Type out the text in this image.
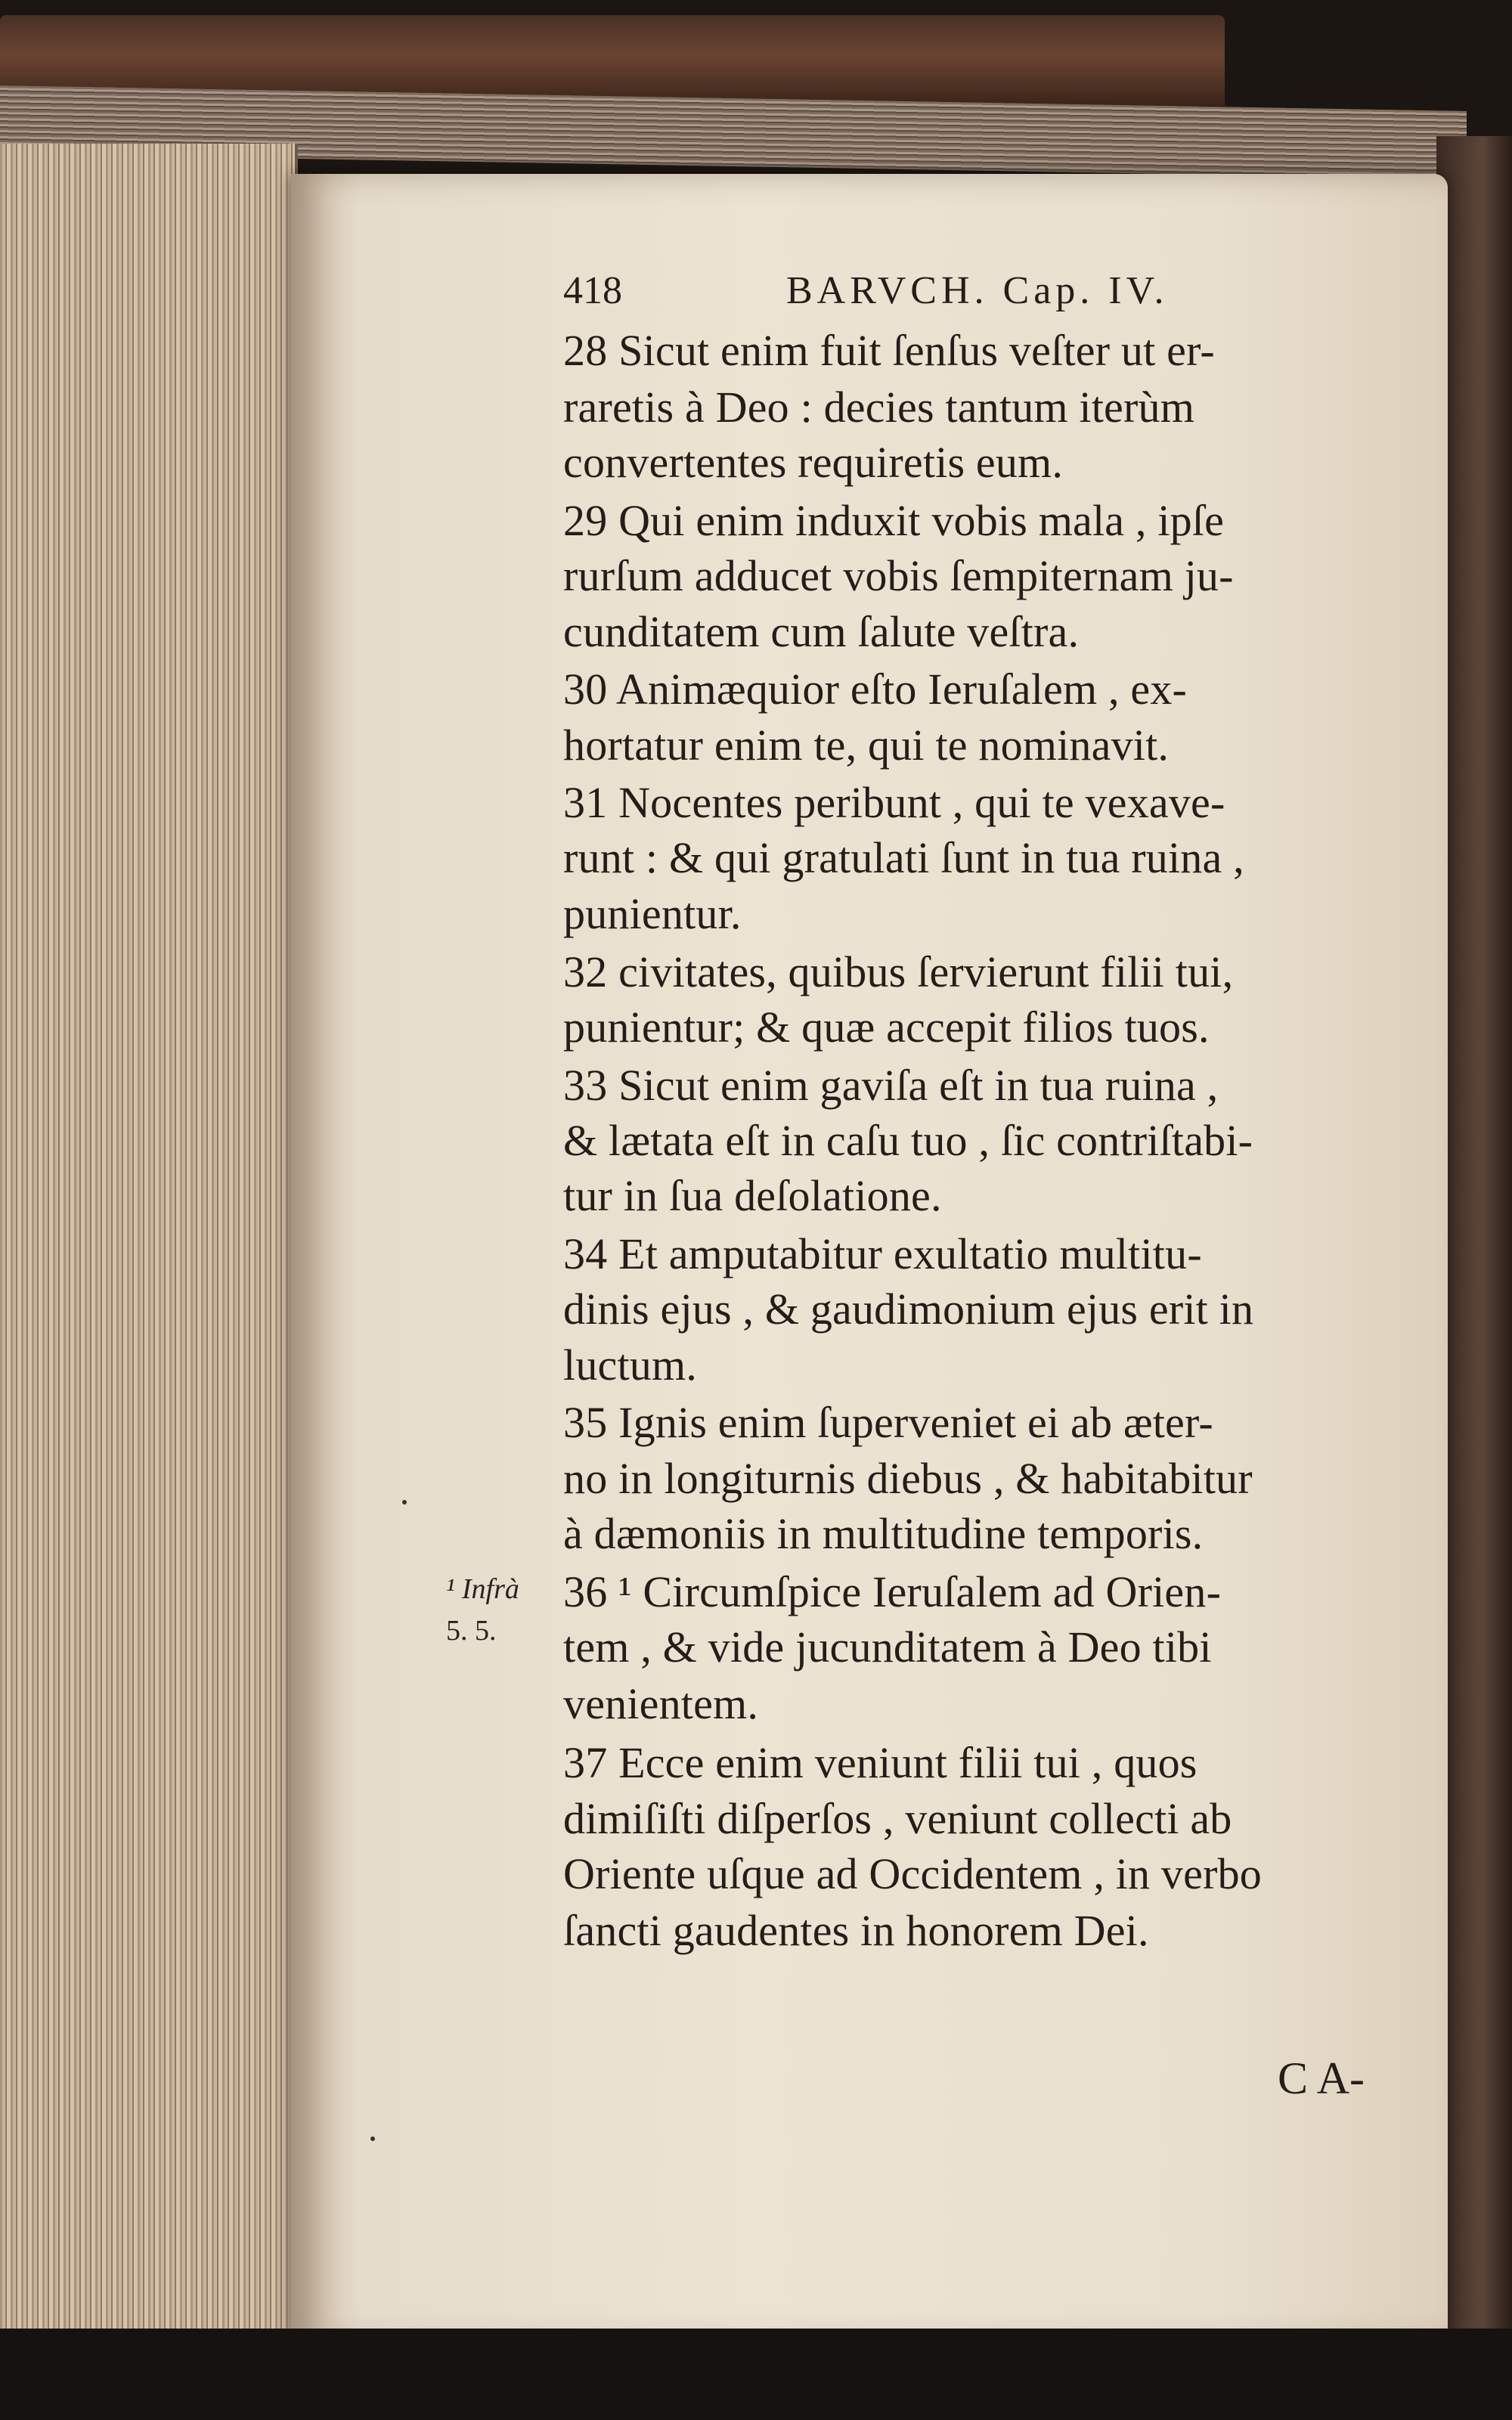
418	BARVCH. Cap. IV.
28 Sicut enim fuit ſenſus veſter ut er-
raretis à Deo : decies tantum iterùm
convertentes requiretis eum.
29 Qui enim induxit vobis mala , ipſe
rurſum adducet vobis ſempiternam ju-
cunditatem cum ſalute veſtra.
30 Animæquior eſto Ieruſalem , ex-
hortatur enim te, qui te nominavit.
31 Nocentes peribunt , qui te vexave-
runt : & qui gratulati ſunt in tua ruina ,
punientur.
32 civitates, quibus ſervierunt filii tui,
punientur; & quæ accepit filios tuos.
33 Sicut enim gaviſa eſt in tua ruina ,
& lætata eſt in caſu tuo , ſic contriſtabi-
tur in ſua deſolatione.
34 Et amputabitur exultatio multitu-
dinis ejus , & gaudimonium ejus erit in
luctum.
35 Ignis enim ſuperveniet ei ab æter-
no in longiturnis diebus , & habitabitur
à dæmoniis in multitudine temporis.
36 ¹ Circumſpice Ieruſalem ad Orien-
tem , & vide jucunditatem à Deo tibi
venientem.
37 Ecce enim veniunt filii tui , quos
dimiſiſti diſperſos , veniunt collecti ab
Oriente uſque ad Occidentem , in verbo
ſancti gaudentes in honorem Dei.
¹ Infrà
5. 5.
C A-
